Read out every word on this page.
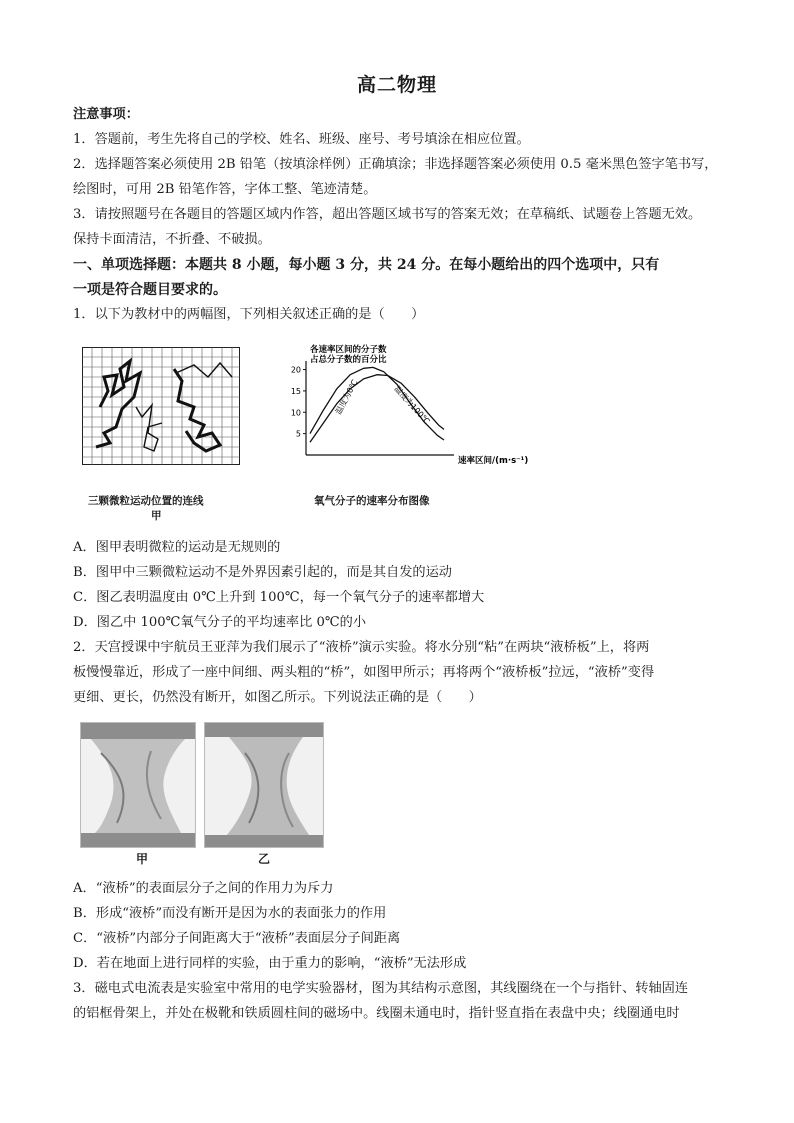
高二物理
注意事项：
1．答题前，考生先将自己的学校、姓名、班级、座号、考号填涂在相应位置。
2．选择题答案必须使用 2B 铅笔（按填涂样例）正确填涂；非选择题答案必须使用 0.5 毫米黑色签字笔书写，
绘图时，可用 2B 铅笔作答，字体工整、笔迹清楚。
3．请按照题号在各题目的答题区域内作答，超出答题区域书写的答案无效；在草稿纸、试题卷上答题无效。
保持卡面清洁，不折叠、不破损。
一、单项选择题：本题共 8 小题，每小题 3 分，共 24 分。在每小题给出的四个选项中，只有
一项是符合题目要求的。
1．以下为教材中的两幅图，下列相关叙述正确的是（　　）
三颗微粒运动位置的连线
甲
各速率区间的分子数
占总分子数的百分比
速率区间/(m·s⁻¹)
5
10
15
20
温度为0℃	温度为100℃
氧气分子的速率分布图像
A．图甲表明微粒的运动是无规则的
B．图甲中三颗微粒运动不是外界因素引起的，而是其自发的运动
C．图乙表明温度由 0℃上升到 100℃，每一个氧气分子的速率都增大
D．图乙中 100℃氧气分子的平均速率比 0℃的小
2．天宫授课中宇航员王亚萍为我们展示了“液桥”演示实验。将水分别“粘”在两块“液桥板”上，将两
板慢慢靠近，形成了一座中间细、两头粗的“桥”，如图甲所示；再将两个“液桥板”拉远，“液桥”变得
更细、更长，仍然没有断开，如图乙所示。下列说法正确的是（　　）
甲	乙
A．“液桥”的表面层分子之间的作用力为斥力
B．形成“液桥”而没有断开是因为水的表面张力的作用
C．“液桥”内部分子间距离大于“液桥”表面层分子间距离
D．若在地面上进行同样的实验，由于重力的影响，“液桥”无法形成
3．磁电式电流表是实验室中常用的电学实验器材，图为其结构示意图，其线圈绕在一个与指针、转轴固连
的铝框骨架上，并处在极靴和铁质圆柱间的磁场中。线圈未通电时，指针竖直指在表盘中央；线圈通电时
